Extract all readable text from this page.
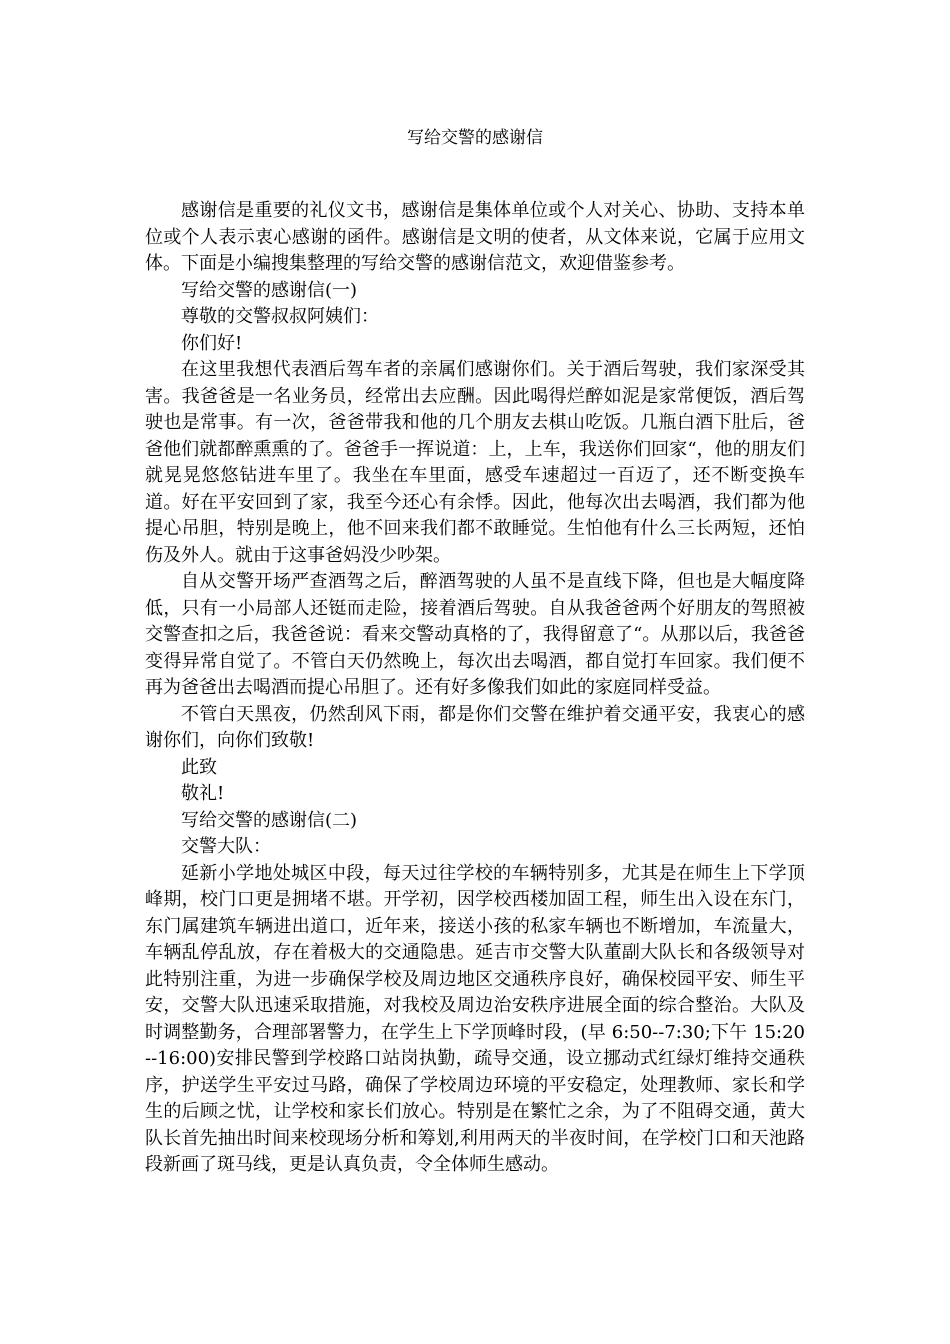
写给交警的感谢信

感谢信是重要的礼仪文书，感谢信是集体单位或个人对关心、协助、支持本单位或个人表示衷心感谢的函件。感谢信是文明的使者，从文体来说，它属于应用文体。下面是小编搜集整理的写给交警的感谢信范文，欢迎借鉴参考。

写给交警的感谢信(一)

尊敬的交警叔叔阿姨们：

你们好!

在这里我想代表酒后驾车者的亲属们感谢你们。关于酒后驾驶，我们家深受其害。我爸爸是一名业务员，经常出去应酬。因此喝得烂醉如泥是家常便饭，酒后驾驶也是常事。有一次，爸爸带我和他的几个朋友去棋山吃饭。几瓶白酒下肚后，爸爸他们就都醉熏熏的了。爸爸手一挥说道：上，上车，我送你们回家“，他的朋友们就晃晃悠悠钻进车里了。我坐在车里面，感受车速超过一百迈了，还不断变换车道。好在平安回到了家，我至今还心有余悸。因此，他每次出去喝酒，我们都为他提心吊胆，特别是晚上，他不回来我们都不敢睡觉。生怕他有什么三长两短，还怕伤及外人。就由于这事爸妈没少吵架。

自从交警开场严查酒驾之后，醉酒驾驶的人虽不是直线下降，但也是大幅度降低，只有一小局部人还铤而走险，接着酒后驾驶。自从我爸爸两个好朋友的驾照被交警查扣之后，我爸爸说：看来交警动真格的了，我得留意了“。从那以后，我爸爸变得异常自觉了。不管白天仍然晚上，每次出去喝酒，都自觉打车回家。我们便不再为爸爸出去喝酒而提心吊胆了。还有好多像我们如此的家庭同样受益。

不管白天黑夜，仍然刮风下雨，都是你们交警在维护着交通平安，我衷心的感谢你们，向你们致敬!

此致

敬礼!

写给交警的感谢信(二)

交警大队：

延新小学地处城区中段，每天过往学校的车辆特别多，尤其是在师生上下学顶峰期，校门口更是拥堵不堪。开学初，因学校西楼加固工程，师生出入设在东门，东门属建筑车辆进出道口，近年来，接送小孩的私家车辆也不断增加，车流量大，车辆乱停乱放，存在着极大的交通隐患。延吉市交警大队董副大队长和各级领导对此特别注重，为进一步确保学校及周边地区交通秩序良好，确保校园平安、师生平安，交警大队迅速采取措施，对我校及周边治安秩序进展全面的综合整治。大队及时调整勤务，合理部署警力，在学生上下学顶峰时段，(早 6:50--7:30;下午 15:20--16:00)安排民警到学校路口站岗执勤，疏导交通，设立挪动式红绿灯维持交通秩序，护送学生平安过马路，确保了学校周边环境的平安稳定，处理教师、家长和学生的后顾之忧，让学校和家长们放心。特别是在繁忙之余，为了不阻碍交通，黄大队长首先抽出时间来校现场分析和筹划,利用两天的半夜时间，在学校门口和天池路段新画了斑马线，更是认真负责，令全体师生感动。
